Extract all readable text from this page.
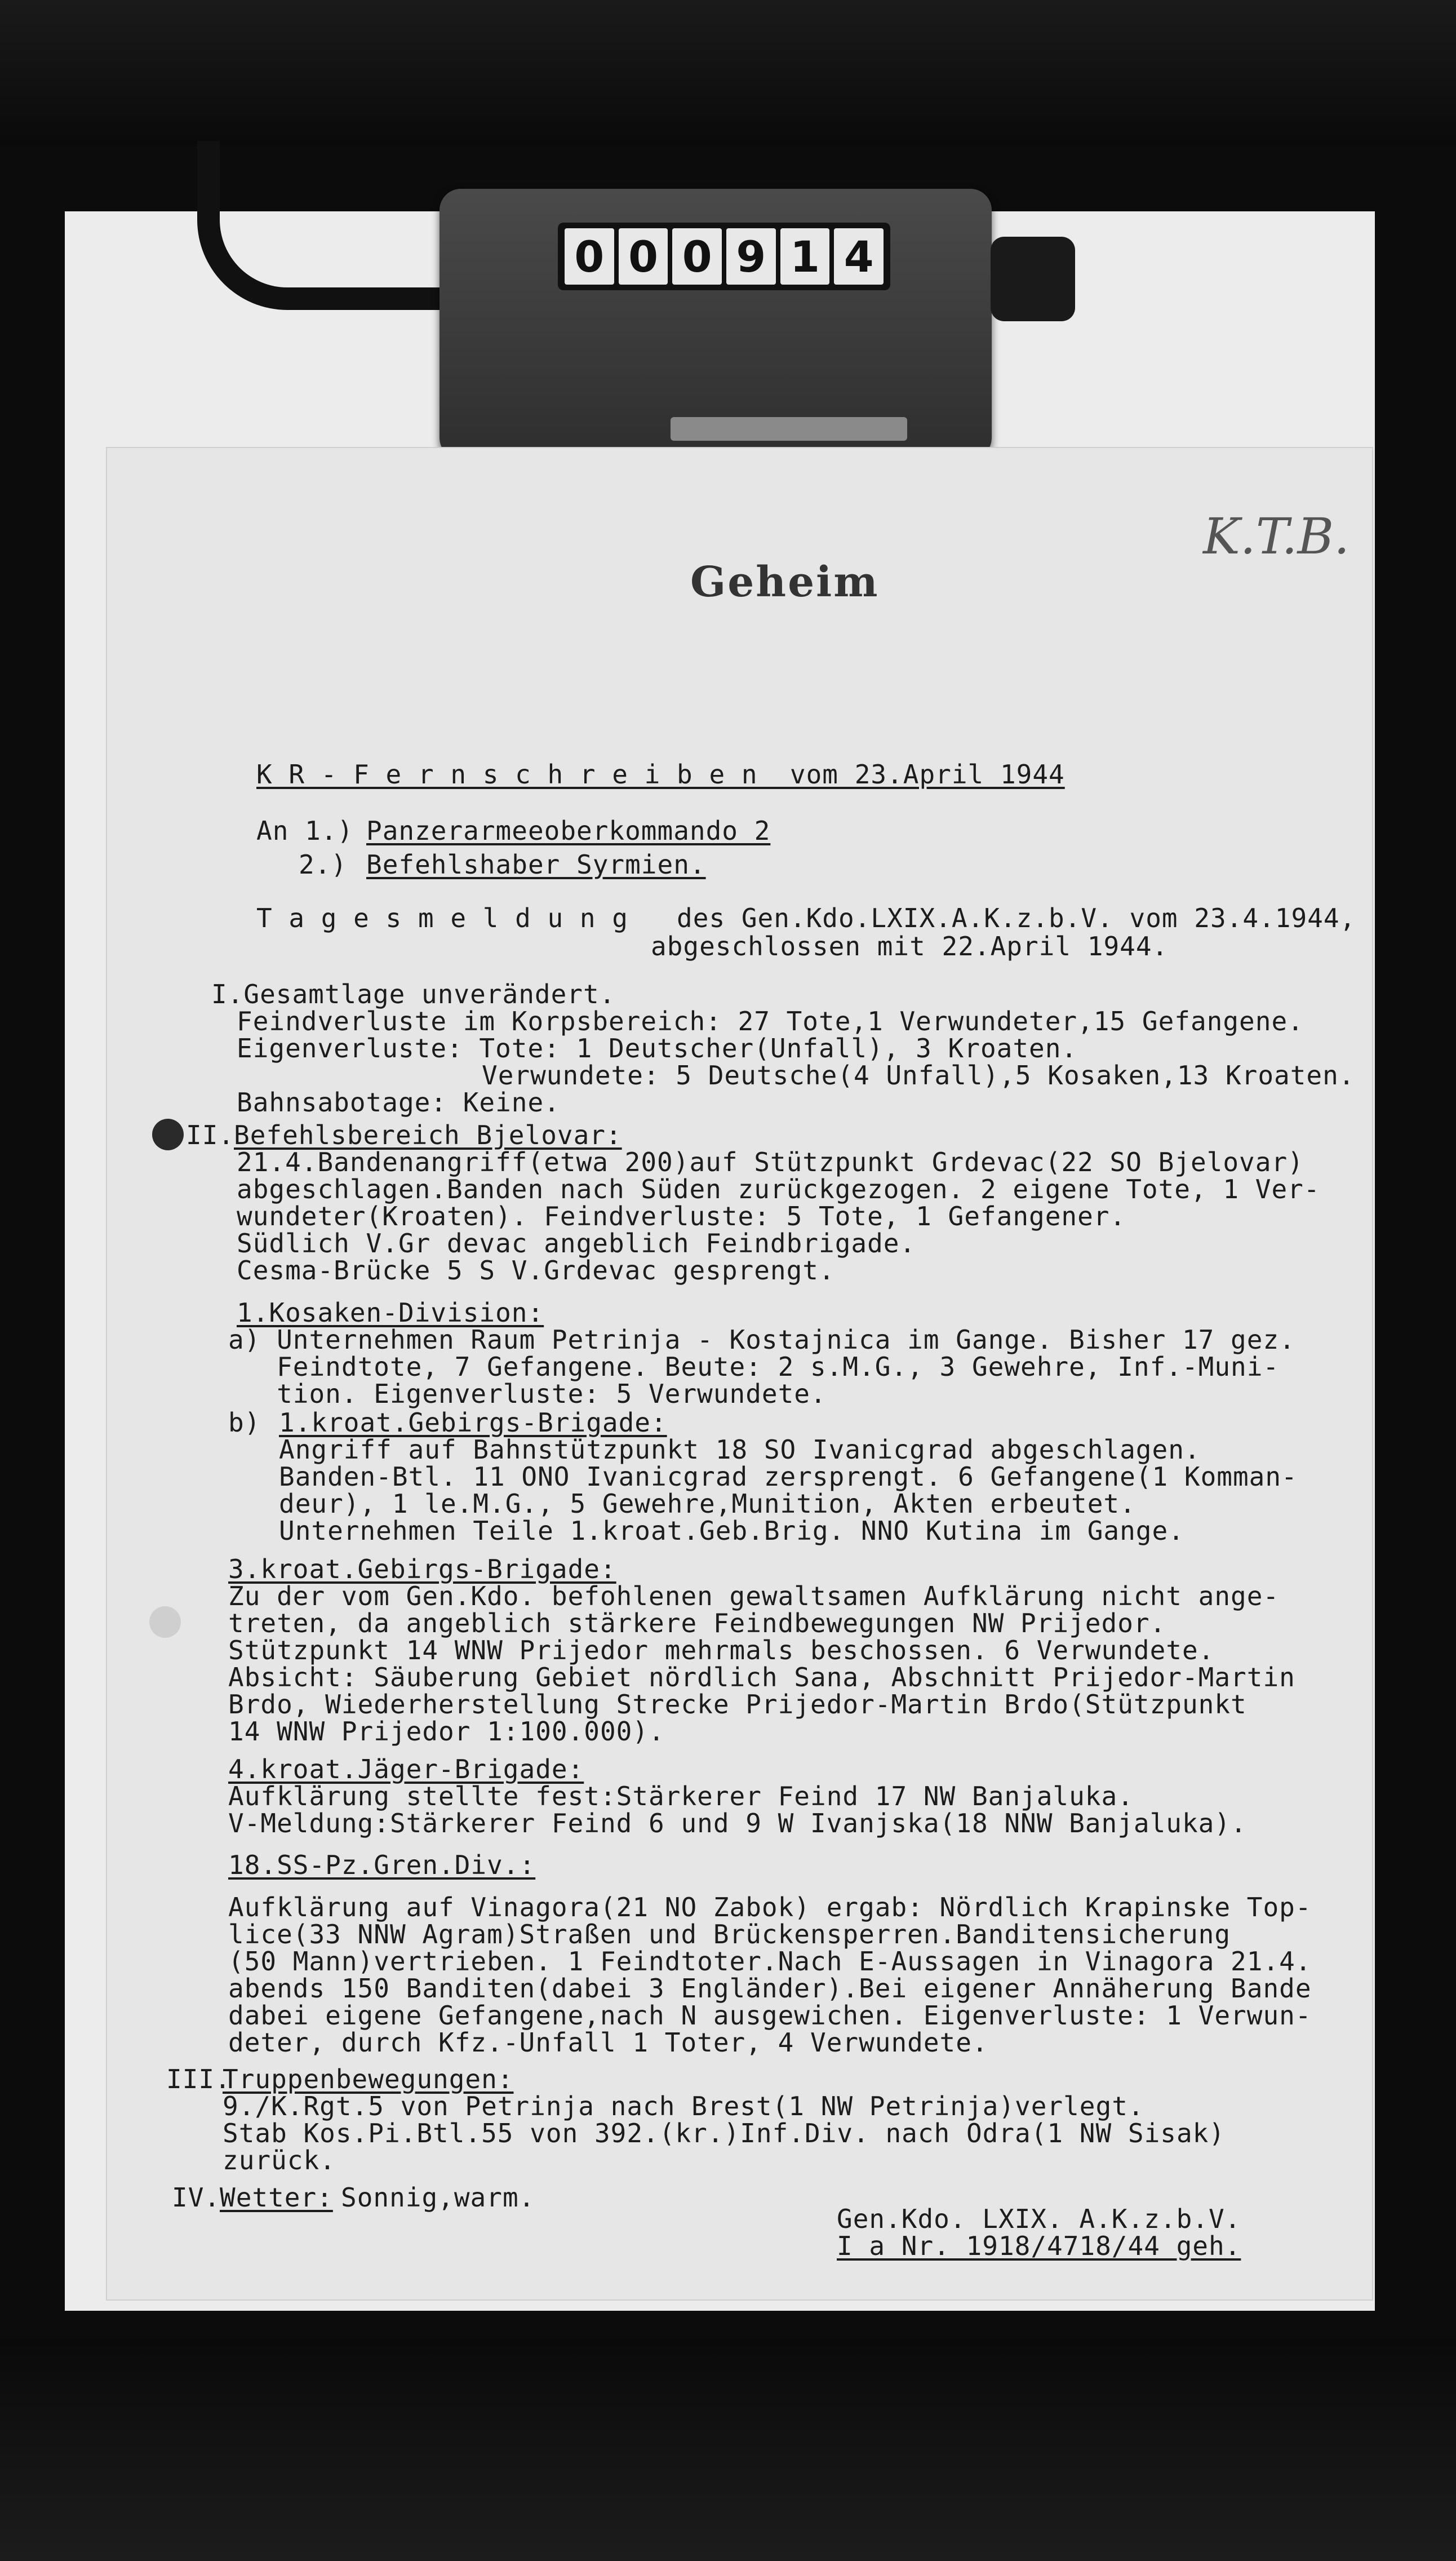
0 0 0 9 1 4
K.T.B.
Geheim
K R - F e r n s c h r e i b e n  vom 23.April 1944
An 1.) Panzerarmeeoberkommando 2
2.) Befehlshaber Syrmien.
T a g e s m e l d u n g   des Gen.Kdo.LXIX.A.K.z.b.V. vom 23.4.1944,
abgeschlossen mit 22.April 1944.
I.Gesamtlage unverändert.
Feindverluste im Korpsbereich: 27 Tote,1 Verwundeter,15 Gefangene.
Eigenverluste: Tote: 1 Deutscher(Unfall), 3 Kroaten.
Verwundete: 5 Deutsche(4 Unfall),5 Kosaken,13 Kroaten.
Bahnsabotage: Keine.
II.
Befehlsbereich Bjelovar:
21.4.Bandenangriff(etwa 200)auf Stützpunkt Grdevac(22 SO Bjelovar)
abgeschlagen.Banden nach Süden zurückgezogen. 2 eigene Tote, 1 Ver-
wundeter(Kroaten). Feindverluste: 5 Tote, 1 Gefangener.
Südlich V.Gr devac angeblich Feindbrigade.
Cesma-Brücke 5 S V.Grdevac gesprengt.
1.Kosaken-Division:
a) Unternehmen Raum Petrinja - Kostajnica im Gange. Bisher 17 gez.
Feindtote, 7 Gefangene. Beute: 2 s.M.G., 3 Gewehre, Inf.-Muni-
tion. Eigenverluste: 5 Verwundete.
b) 1.kroat.Gebirgs-Brigade:
Angriff auf Bahnstützpunkt 18 SO Ivanicgrad abgeschlagen.
Banden-Btl. 11 ONO Ivanicgrad zersprengt. 6 Gefangene(1 Komman-
deur), 1 le.M.G., 5 Gewehre,Munition, Akten erbeutet.
Unternehmen Teile 1.kroat.Geb.Brig. NNO Kutina im Gange.
3.kroat.Gebirgs-Brigade:
Zu der vom Gen.Kdo. befohlenen gewaltsamen Aufklärung nicht ange-
treten, da angeblich stärkere Feindbewegungen NW Prijedor.
Stützpunkt 14 WNW Prijedor mehrmals beschossen. 6 Verwundete.
Absicht: Säuberung Gebiet nördlich Sana, Abschnitt Prijedor-Martin
Brdo, Wiederherstellung Strecke Prijedor-Martin Brdo(Stützpunkt
14 WNW Prijedor 1:100.000).
4.kroat.Jäger-Brigade:
Aufklärung stellte fest:Stärkerer Feind 17 NW Banjaluka.
V-Meldung:Stärkerer Feind 6 und 9 W Ivanjska(18 NNW Banjaluka).
18.SS-Pz.Gren.Div.:
Aufklärung auf Vinagora(21 NO Zabok) ergab: Nördlich Krapinske Top-
lice(33 NNW Agram)Straßen und Brückensperren.Banditensicherung
(50 Mann)vertrieben. 1 Feindtoter.Nach E-Aussagen in Vinagora 21.4.
abends 150 Banditen(dabei 3 Engländer).Bei eigener Annäherung Bande
dabei eigene Gefangene,nach N ausgewichen. Eigenverluste: 1 Verwun-
deter, durch Kfz.-Unfall 1 Toter, 4 Verwundete.
III.
Truppenbewegungen:
9./K.Rgt.5 von Petrinja nach Brest(1 NW Petrinja)verlegt.
Stab Kos.Pi.Btl.55 von 392.(kr.)Inf.Div. nach Odra(1 NW Sisak)
zurück.
IV.
Wetter: Sonnig,warm.
Gen.Kdo. LXIX. A.K.z.b.V.
I a Nr. 1918/4718/44 geh.
